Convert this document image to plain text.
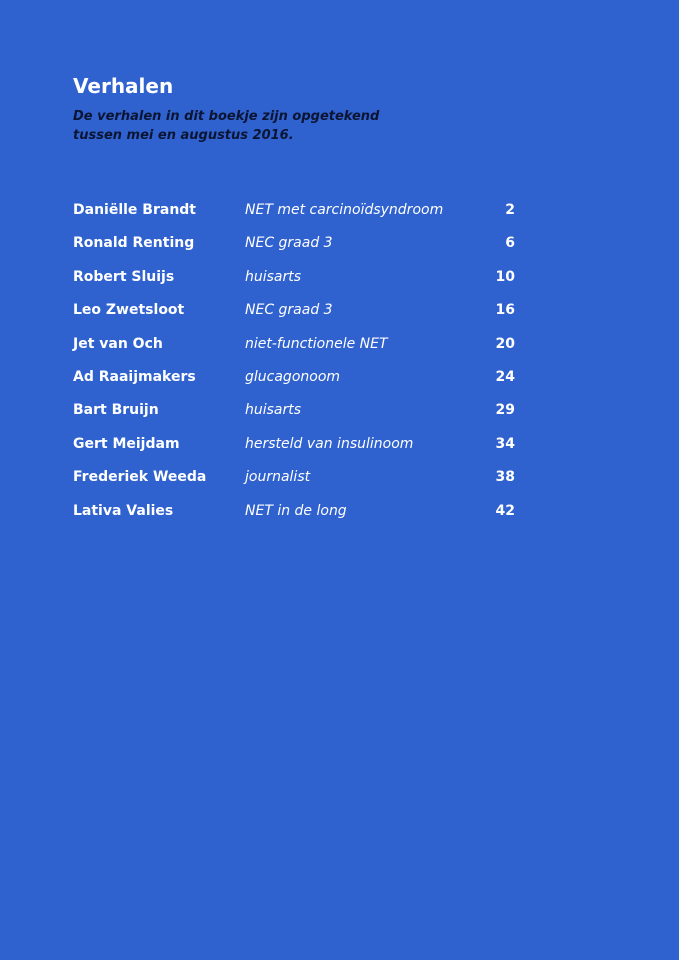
Verhalen

De verhalen in dit boekje zijn opgetekend
tussen mei en augustus 2016.

Daniëlle Brandt	NET met carcinoïdsyndroom	2
Ronald Renting	NEC graad 3	6
Robert Sluijs	huisarts	10
Leo Zwetsloot	NEC graad 3	16
Jet van Och	niet-functionele NET	20
Ad Raaijmakers	glucagonoom	24
Bart Bruijn	huisarts	29
Gert Meijdam	hersteld van insulinoom	34
Frederiek Weeda	journalist	38
Lativa Valies	NET in de long	42
